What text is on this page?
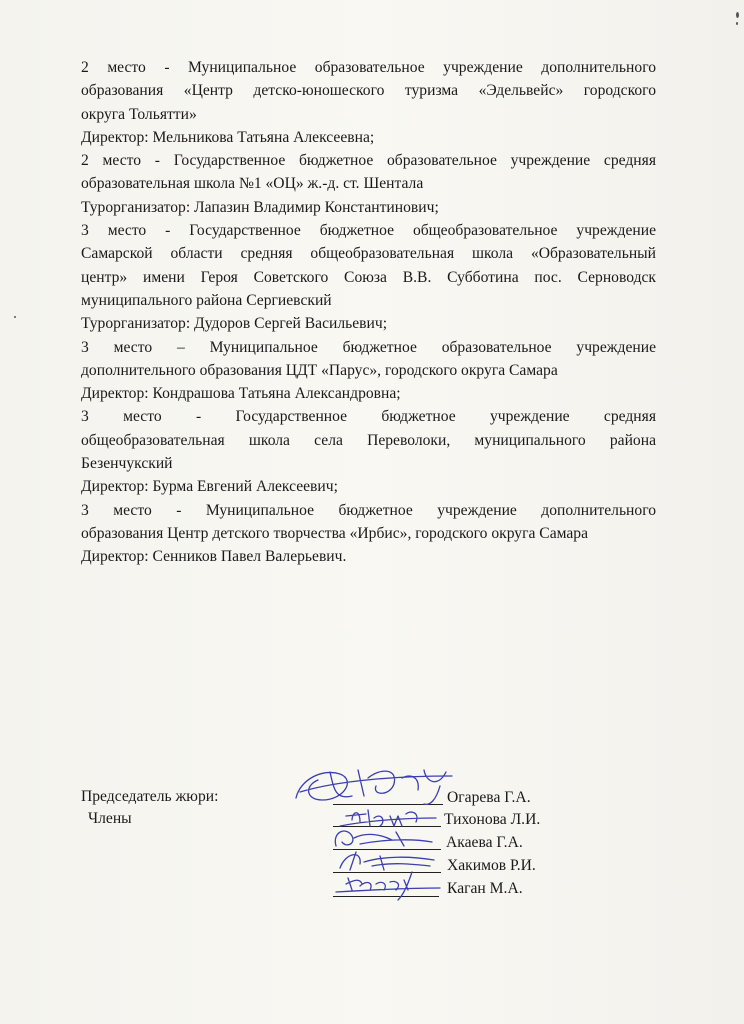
2 место - Муниципальное образовательное учреждение дополнительного
образования «Центр детско-юношеского туризма «Эдельвейс» городского
округа Тольятти»
Директор: Мельникова Татьяна Алексеевна;
2 место - Государственное бюджетное образовательное учреждение средняя
образовательная школа №1 «ОЦ» ж.-д. ст. Шентала
Турорганизатор: Лапазин Владимир Константинович;
3 место - Государственное бюджетное общеобразовательное учреждение
Самарской области средняя общеобразовательная школа «Образовательный
центр» имени Героя Советского Союза В.В. Субботина пос. Серноводск
муниципального района Сергиевский
Турорганизатор: Дудоров Сергей Васильевич;
3 место – Муниципальное бюджетное образовательное учреждение
дополнительного образования ЦДТ «Парус», городского округа Самара
Директор: Кондрашова Татьяна Александровна;
3 место - Государственное бюджетное учреждение средняя
общеобразовательная школа села Переволоки, муниципального района
Безенчукский
Директор: Бурма Евгений Алексеевич;
3 место - Муниципальное бюджетное учреждение дополнительного
образования Центр детского творчества «Ирбис», городского округа Самара
Директор: Сенников Павел Валерьевич.
Председатель жюри:
Члены
Огарева Г.А.
Тихонова Л.И.
Акаева Г.А.
Хакимов Р.И.
Каган М.А.
